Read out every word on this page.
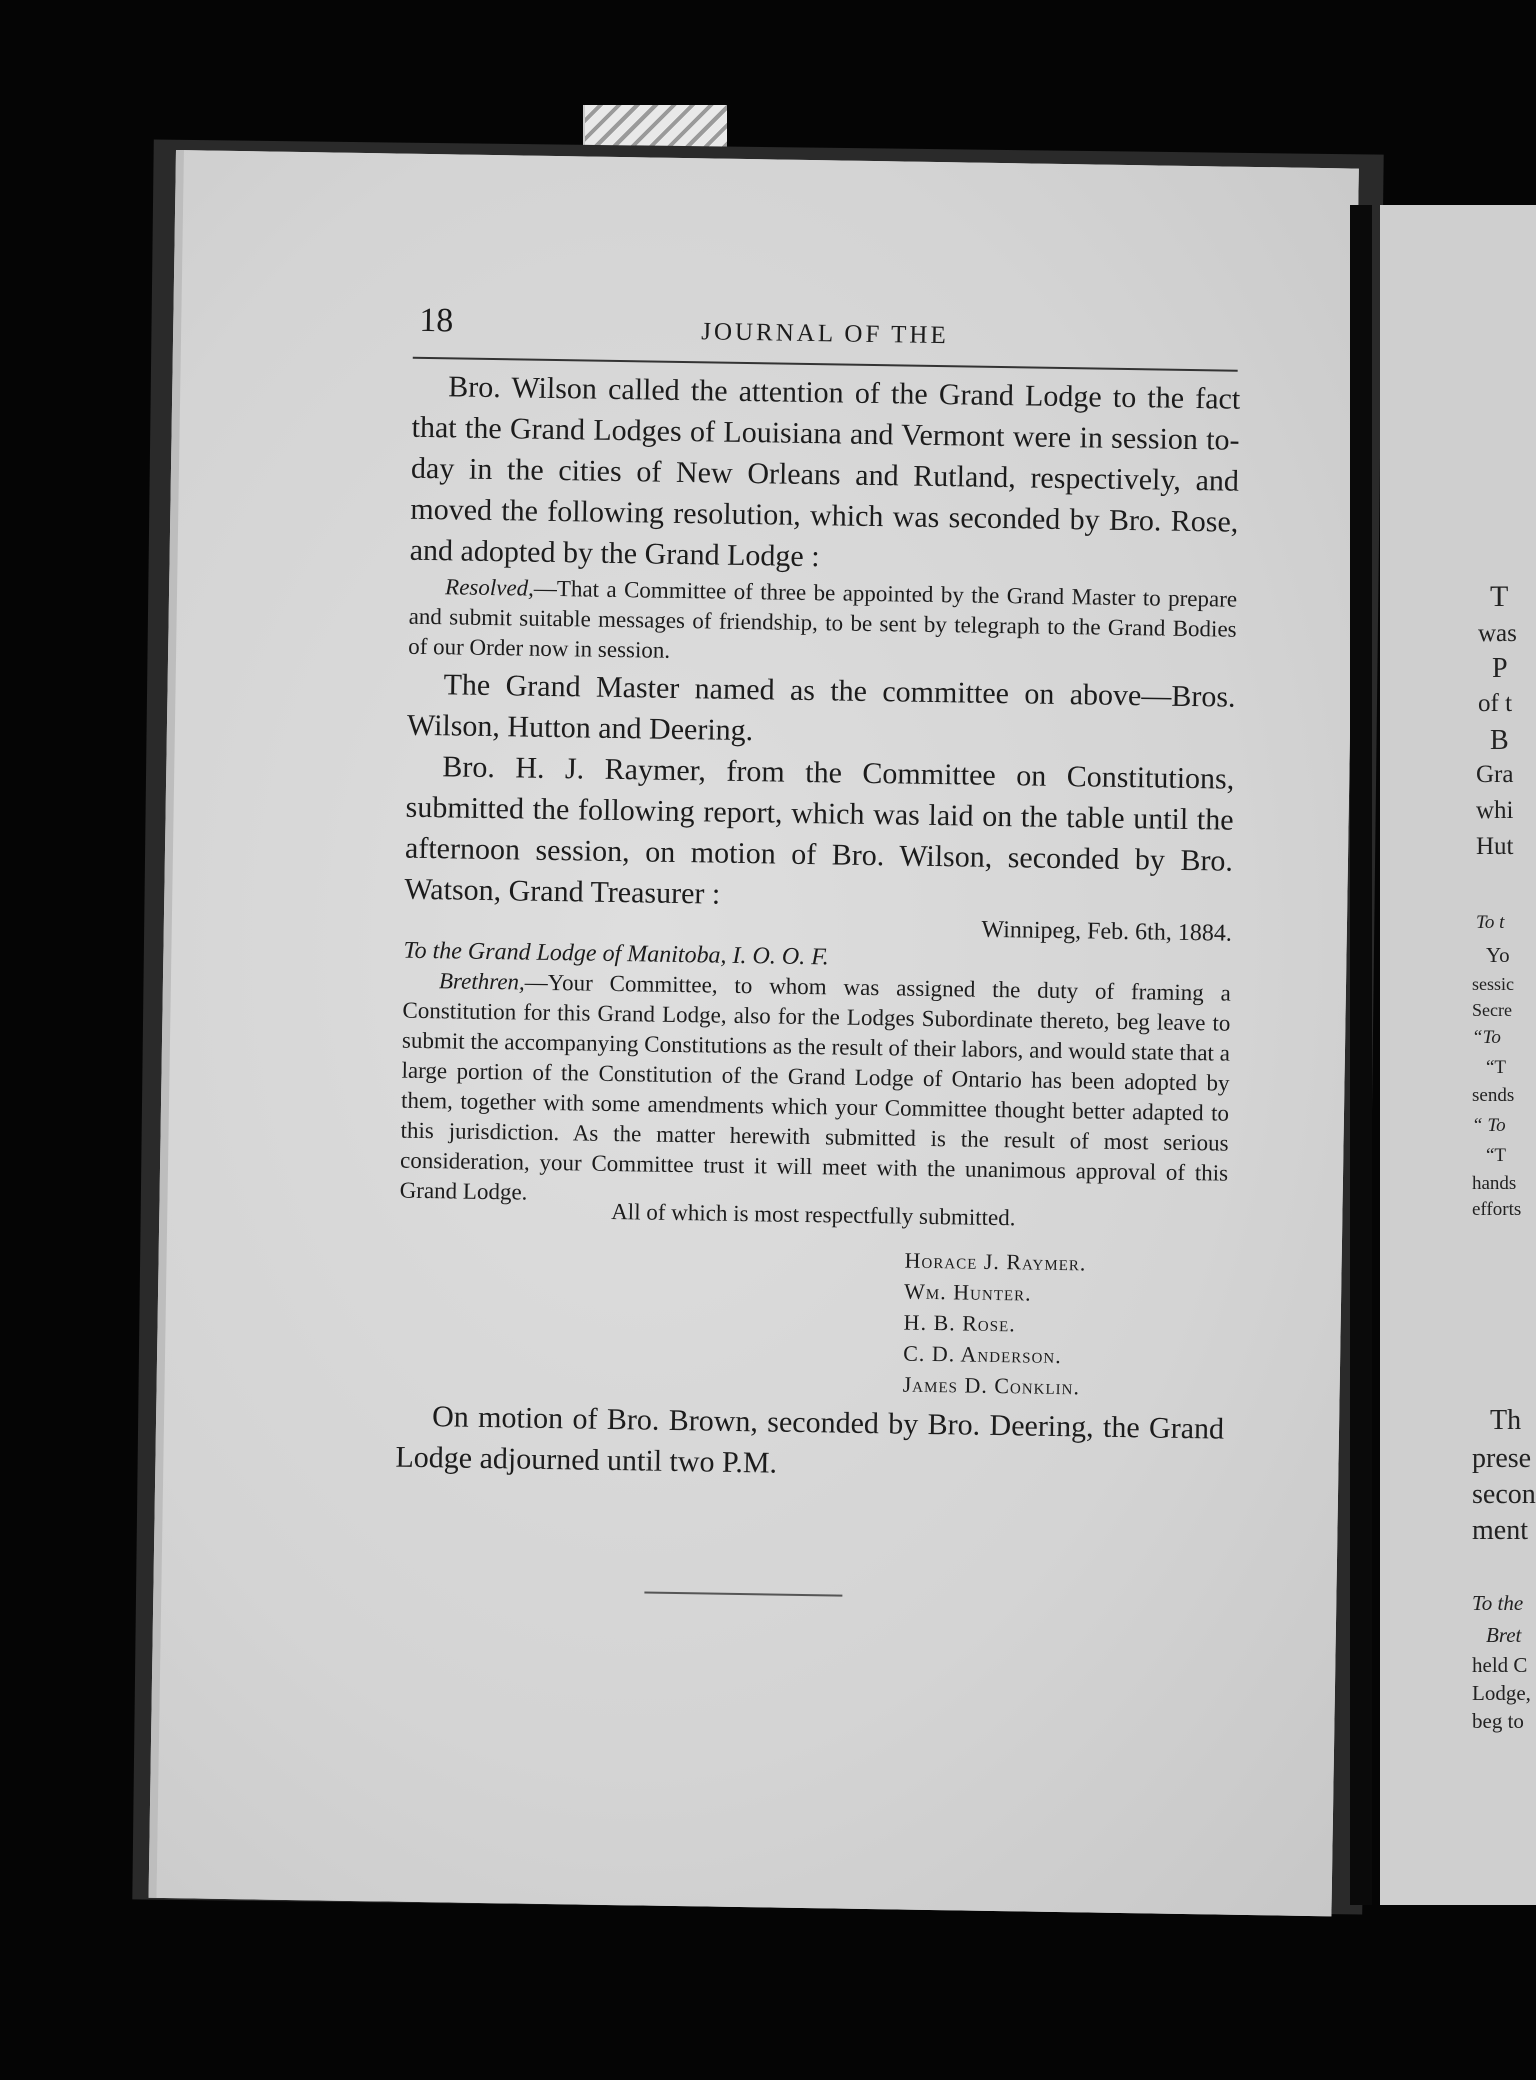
18	JOURNAL OF THE

Bro. Wilson called the attention of the Grand Lodge to the fact that the Grand Lodges of Louisiana and Vermont were in session to-day in the cities of New Orleans and Rutland, respectively, and moved the following resolution, which was seconded by Bro. Rose, and adopted by the Grand Lodge :

Resolved,—That a Committee of three be appointed by the Grand Master to prepare and submit suitable messages of friendship, to be sent by telegraph to the Grand Bodies of our Order now in session.

The Grand Master named as the committee on above—Bros. Wilson, Hutton and Deering.

Bro. H. J. Raymer, from the Committee on Constitutions, submitted the following report, which was laid on the table until the afternoon session, on motion of Bro. Wilson, seconded by Bro. Watson, Grand Treasurer :

Winnipeg, Feb. 6th, 1884.

To the Grand Lodge of Manitoba, I. O. O. F.

Brethren,—Your Committee, to whom was assigned the duty of framing a Constitution for this Grand Lodge, also for the Lodges Subordinate thereto, beg leave to submit the accompanying Constitutions as the result of their labors, and would state that a large portion of the Constitution of the Grand Lodge of Ontario has been adopted by them, together with some amendments which your Committee thought better adapted to this jurisdiction. As the matter herewith submitted is the result of most serious consideration, your Committee trust it will meet with the unanimous approval of this Grand Lodge.

All of which is most respectfully submitted.

Horace J. Raymer.
Wm. Hunter.
H. B. Rose.
C. D. Anderson.
James D. Conklin.

On motion of Bro. Brown, seconded by Bro. Deering, the Grand Lodge adjourned until two P.M.

T
was
P
of t
B
Gra
whi
Hut
To t
Yo
sessic
Secre
“To
“T
sends
“ To
“T
hands
efforts
Th
prese
secon
ment
To the
Bret
held C
Lodge,
beg to
